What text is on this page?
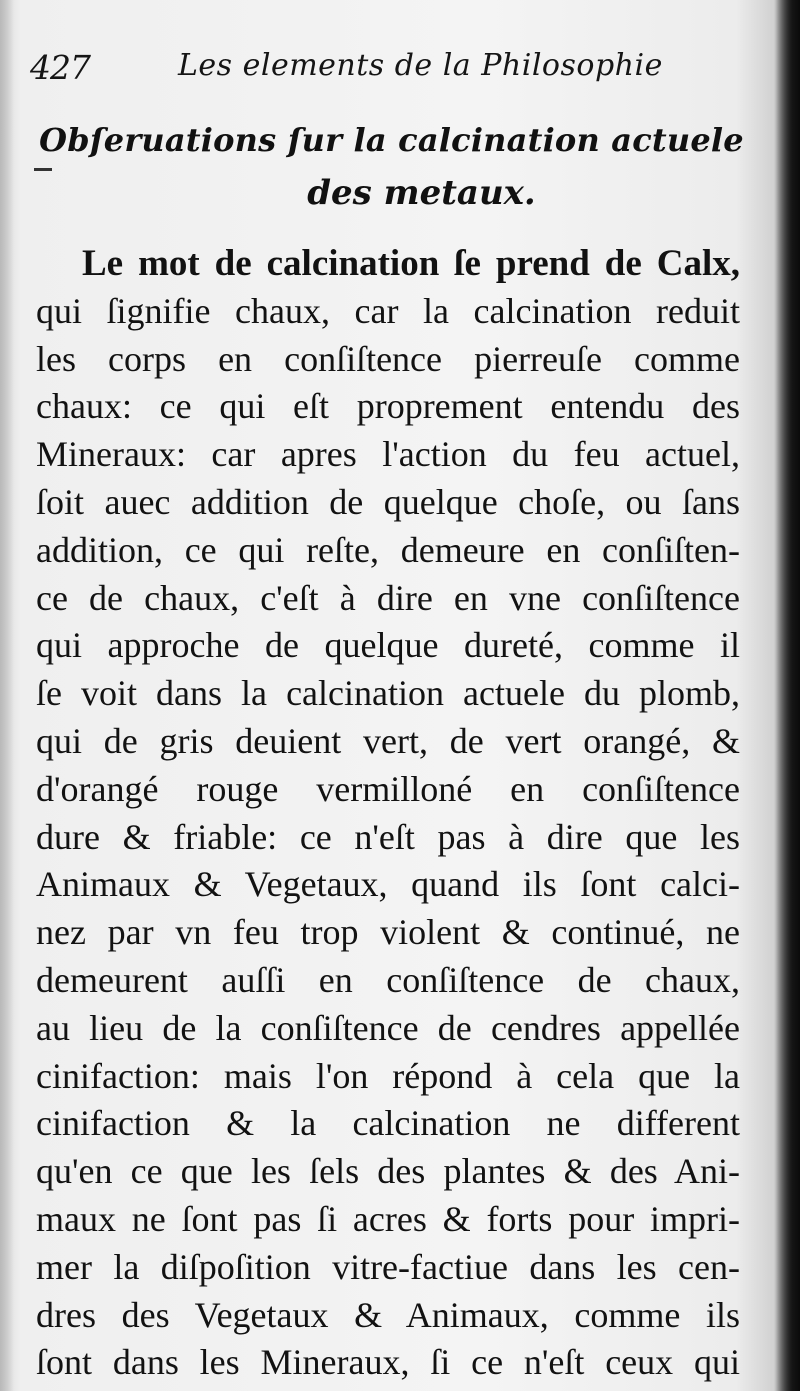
427	Les elements de la Philosophie
Obſeruations ſur la calcination actuele
des metaux.
Le mot de calcination ſe prend de Calx,
qui ſignifie chaux, car la calcination reduit
les corps en conſiſtence pierreuſe comme
chaux: ce qui eſt proprement entendu des
Mineraux: car apres l'action du feu actuel,
ſoit auec addition de quelque choſe, ou ſans
addition, ce qui reſte, demeure en conſiſten-
ce de chaux, c'eſt à dire en vne conſiſtence
qui approche de quelque dureté, comme il
ſe voit dans la calcination actuele du plomb,
qui de gris deuient vert, de vert orangé, &
d'orangé rouge vermilloné en conſiſtence
dure & friable: ce n'eſt pas à dire que les
Animaux & Vegetaux, quand ils ſont calci-
nez par vn feu trop violent & continué, ne
demeurent auſſi en conſiſtence de chaux,
au lieu de la conſiſtence de cendres appellée
cinifaction: mais l'on répond à cela que la
cinifaction & la calcination ne different
qu'en ce que les ſels des plantes & des Ani-
maux ne ſont pas ſi acres & forts pour impri-
mer la diſpoſition vitre-factiue dans les cen-
dres des Vegetaux & Animaux, comme ils
ſont dans les Mineraux, ſi ce n'eſt ceux qui
